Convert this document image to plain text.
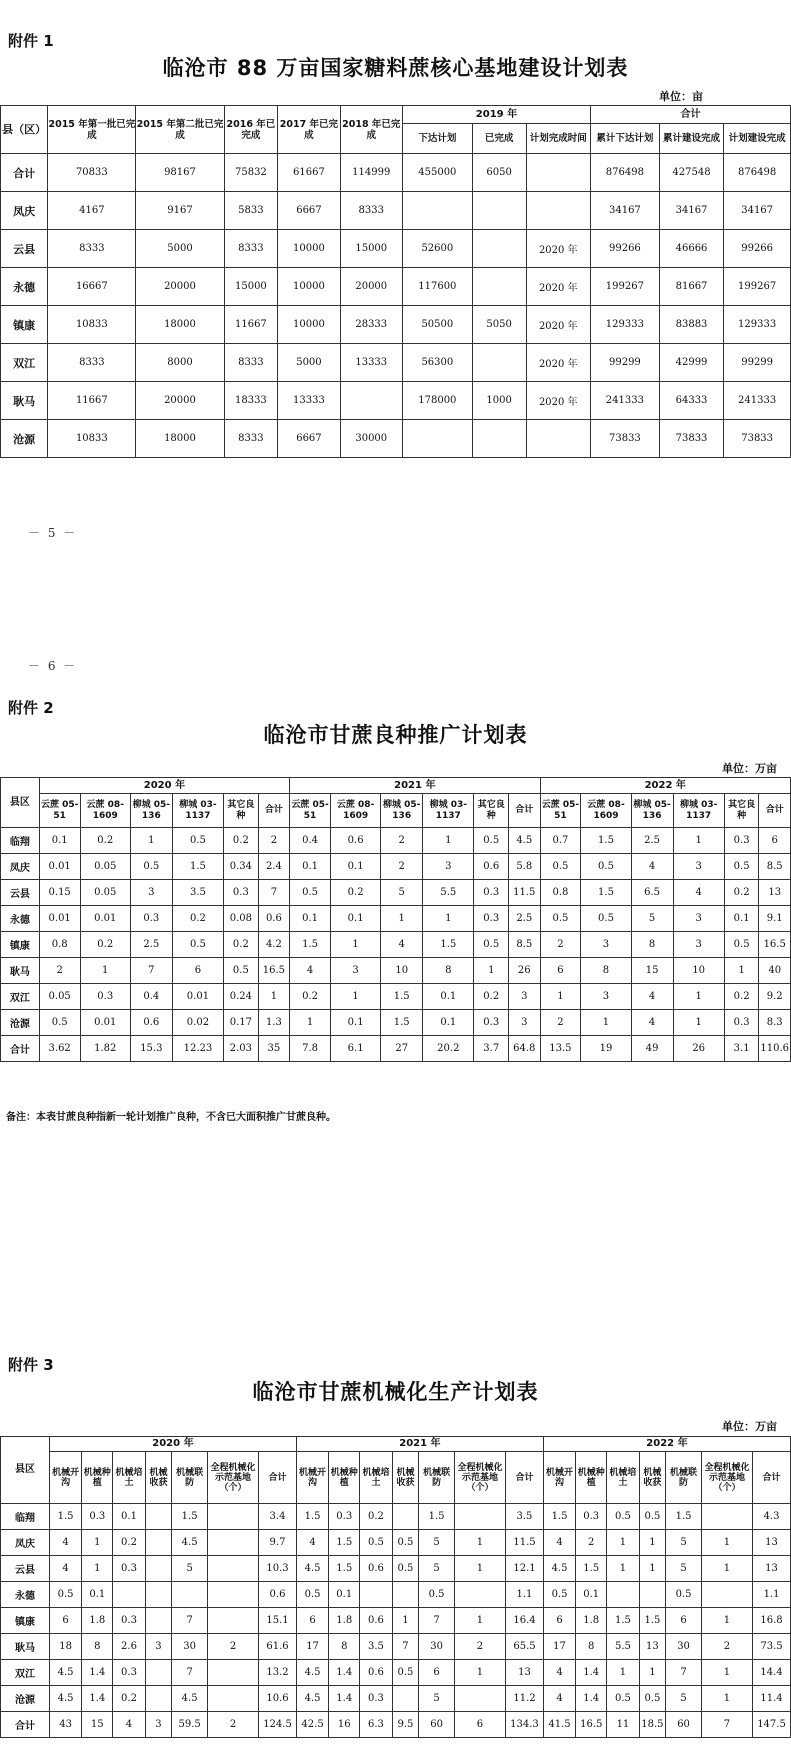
附件 1
临沧市 88 万亩国家糖料蔗核心基地建设计划表
单位：亩
县（区）	2015 年第一批已完成	2015 年第二批已完成	2016 年已完成	2017 年已完成	2018 年已完成	2019 年			合计		
						下达计划	已完成	计划完成时间	累计下达计划	累计建设完成	计划建设完成
合计	70833	98167	75832	61667	114999	455000	6050		876498	427548	876498
凤庆	4167	9167	5833	6667	8333				34167	34167	34167
云县	8333	5000	8333	10000	15000	52600		2020 年	99266	46666	99266
永德	16667	20000	15000	10000	20000	117600		2020 年	199267	81667	199267
镇康	10833	18000	11667	10000	28333	50500	5050	2020 年	129333	83883	129333
双江	8333	8000	8333	5000	13333	56300		2020 年	99299	42999	99299
耿马	11667	20000	18333	13333		178000	1000	2020 年	241333	64333	241333
沧源	10833	18000	8333	6667	30000				73833	73833	73833
－ 5 －
－ 6 －
附件 2
临沧市甘蔗良种推广计划表
单位：万亩
县区	2020 年						2021 年						2022 年					
	云蔗 05-51	云蔗 08-1609	柳城 05-136	柳城 03-1137	其它良种	合计	云蔗 05-51	云蔗 08-1609	柳城 05-136	柳城 03-1137	其它良种	合计	云蔗 05-51	云蔗 08-1609	柳城 05-136	柳城 03-1137	其它良种	合计
临翔	0.1	0.2	1	0.5	0.2	2	0.4	0.6	2	1	0.5	4.5	0.7	1.5	2.5	1	0.3	6
凤庆	0.01	0.05	0.5	1.5	0.34	2.4	0.1	0.1	2	3	0.6	5.8	0.5	0.5	4	3	0.5	8.5
云县	0.15	0.05	3	3.5	0.3	7	0.5	0.2	5	5.5	0.3	11.5	0.8	1.5	6.5	4	0.2	13
永德	0.01	0.01	0.3	0.2	0.08	0.6	0.1	0.1	1	1	0.3	2.5	0.5	0.5	5	3	0.1	9.1
镇康	0.8	0.2	2.5	0.5	0.2	4.2	1.5	1	4	1.5	0.5	8.5	2	3	8	3	0.5	16.5
耿马	2	1	7	6	0.5	16.5	4	3	10	8	1	26	6	8	15	10	1	40
双江	0.05	0.3	0.4	0.01	0.24	1	0.2	1	1.5	0.1	0.2	3	1	3	4	1	0.2	9.2
沧源	0.5	0.01	0.6	0.02	0.17	1.3	1	0.1	1.5	0.1	0.3	3	2	1	4	1	0.3	8.3
合计	3.62	1.82	15.3	12.23	2.03	35	7.8	6.1	27	20.2	3.7	64.8	13.5	19	49	26	3.1	110.6
备注：本表甘蔗良种指新一轮计划推广良种，不含已大面积推广甘蔗良种。
附件 3
临沧市甘蔗机械化生产计划表
单位：万亩
县区	2020 年							2021 年							2022 年						
	机械开沟	机械种植	机械培土	机械收获	机械联防	全程机械化示范基地（个）	合计	机械开沟	机械种植	机械培土	机械收获	机械联防	全程机械化示范基地（个）	合计	机械开沟	机械种植	机械培土	机械收获	机械联防	全程机械化示范基地（个）	合计
临翔	1.5	0.3	0.1		1.5		3.4	1.5	0.3	0.2		1.5		3.5	1.5	0.3	0.5	0.5	1.5		4.3
凤庆	4	1	0.2		4.5		9.7	4	1.5	0.5	0.5	5	1	11.5	4	2	1	1	5	1	13
云县	4	1	0.3		5		10.3	4.5	1.5	0.6	0.5	5	1	12.1	4.5	1.5	1	1	5	1	13
永德	0.5	0.1					0.6	0.5	0.1			0.5		1.1	0.5	0.1			0.5		1.1
镇康	6	1.8	0.3		7		15.1	6	1.8	0.6	1	7	1	16.4	6	1.8	1.5	1.5	6	1	16.8
耿马	18	8	2.6	3	30	2	61.6	17	8	3.5	7	30	2	65.5	17	8	5.5	13	30	2	73.5
双江	4.5	1.4	0.3		7		13.2	4.5	1.4	0.6	0.5	6	1	13	4	1.4	1	1	7	1	14.4
沧源	4.5	1.4	0.2		4.5		10.6	4.5	1.4	0.3		5		11.2	4	1.4	0.5	0.5	5	1	11.4
合计	43	15	4	3	59.5	2	124.5	42.5	16	6.3	9.5	60	6	134.3	41.5	16.5	11	18.5	60	7	147.5
